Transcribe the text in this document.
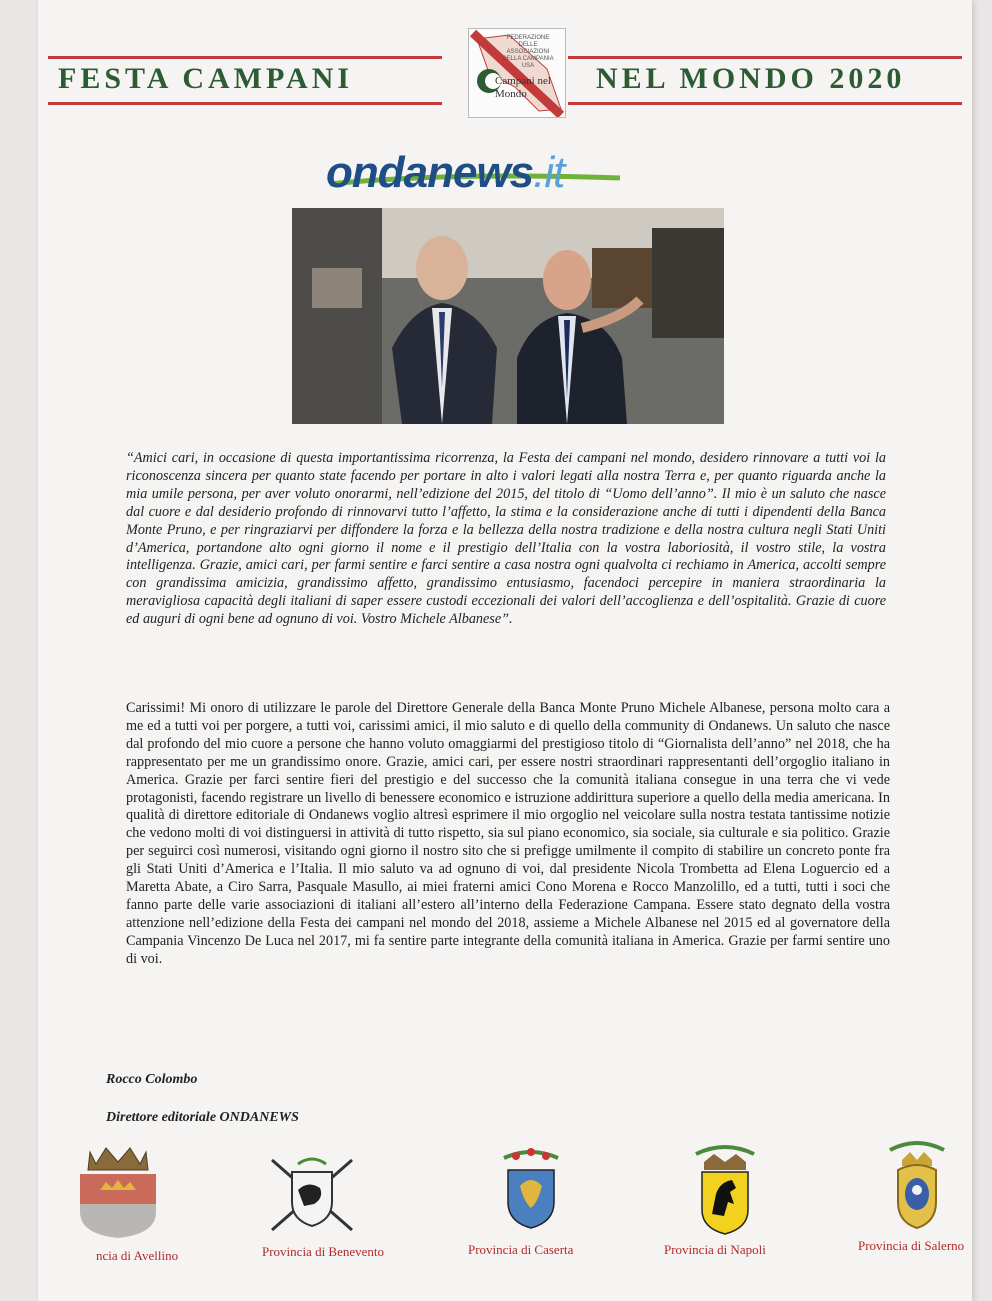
FESTA CAMPANI	NEL MONDO 2020
FEDERAZIONE DELLE ASSOCIAZIONI DELLA CAMPANIA USA
Campani nel Mondo
ondanews.it
“Amici cari, in occasione di questa importantissima ricorrenza, la Festa dei campani nel mondo, desidero rinnovare a tutti voi la riconoscenza sincera per quanto state facendo per portare in alto i valori legati alla nostra Terra e, per quanto riguarda anche la mia umile persona, per aver voluto onorarmi, nell’edizione del 2015, del titolo di “Uomo dell’anno”. Il mio è un saluto che nasce dal cuore e dal desiderio profondo di rinnovarvi tutto l’affetto, la stima e la considerazione anche di tutti i dipendenti della Banca Monte Pruno, e per ringraziarvi per diffondere la forza e la bellezza della nostra tradizione e della nostra cultura negli Stati Uniti d’America, portandone alto ogni giorno il nome e il prestigio dell’Italia con la vostra laboriosità, il vostro stile, la vostra intelligenza. Grazie, amici cari, per farmi sentire e farci sentire a casa nostra ogni qualvolta ci rechiamo in America, accolti sempre con grandissima amicizia, grandissimo affetto, grandissimo entusiasmo, facendoci percepire in maniera straordinaria la meravigliosa capacità degli italiani di saper essere custodi eccezionali dei valori dell’accoglienza e dell’ospitalità. Grazie di cuore ed auguri di ogni bene ad ognuno di voi. Vostro Michele Albanese”.
Carissimi! Mi onoro di utilizzare le parole del Direttore Generale della Banca Monte Pruno Michele Albanese, persona molto cara a me ed a tutti voi per porgere, a tutti voi, carissimi amici, il mio saluto e di quello della community di Ondanews. Un saluto che nasce dal profondo del mio cuore a persone che hanno voluto omaggiarmi del prestigioso titolo di “Giornalista dell’anno” nel 2018, che ha rappresentato per me un grandissimo onore. Grazie, amici cari, per essere nostri straordinari rappresentanti dell’orgoglio italiano in America. Grazie per farci sentire fieri del prestigio e del successo che la comunità italiana consegue in una terra che vi vede protagonisti, facendo registrare un livello di benessere economico e istruzione addirittura superiore a quello della media americana. In qualità di direttore editoriale di Ondanews voglio altresì esprimere il mio orgoglio nel veicolare sulla nostra testata tantissime notizie che vedono molti di voi distinguersi in attività di tutto rispetto, sia sul piano economico, sia sociale, sia culturale e sia politico. Grazie per seguirci così numerosi, visitando ogni giorno il nostro sito che si prefigge umilmente il compito di stabilire un concreto ponte fra gli Stati Uniti d’America e l’Italia. Il mio saluto va ad ognuno di voi, dal presidente Nicola Trombetta ad Elena Loguercio ed a Maretta Abate, a Ciro Sarra, Pasquale Masullo, ai miei fraterni amici Cono Morena e Rocco Manzolillo, ed a tutti, tutti i soci che fanno parte delle varie associazioni di italiani all’estero all’interno della Federazione Campana. Essere stato degnato della vostra attenzione nell’edizione della Festa dei campani nel mondo del 2018, assieme a Michele Albanese nel 2015 ed al governatore della Campania Vincenzo De Luca nel 2017, mi fa sentire parte integrante della comunità italiana in America. Grazie per farmi sentire uno di voi.
Rocco Colombo
Direttore editoriale ONDANEWS
ncia di Avellino	Provincia di Benevento	Provincia di Caserta	Provincia di Napoli	Provincia di Salerno
